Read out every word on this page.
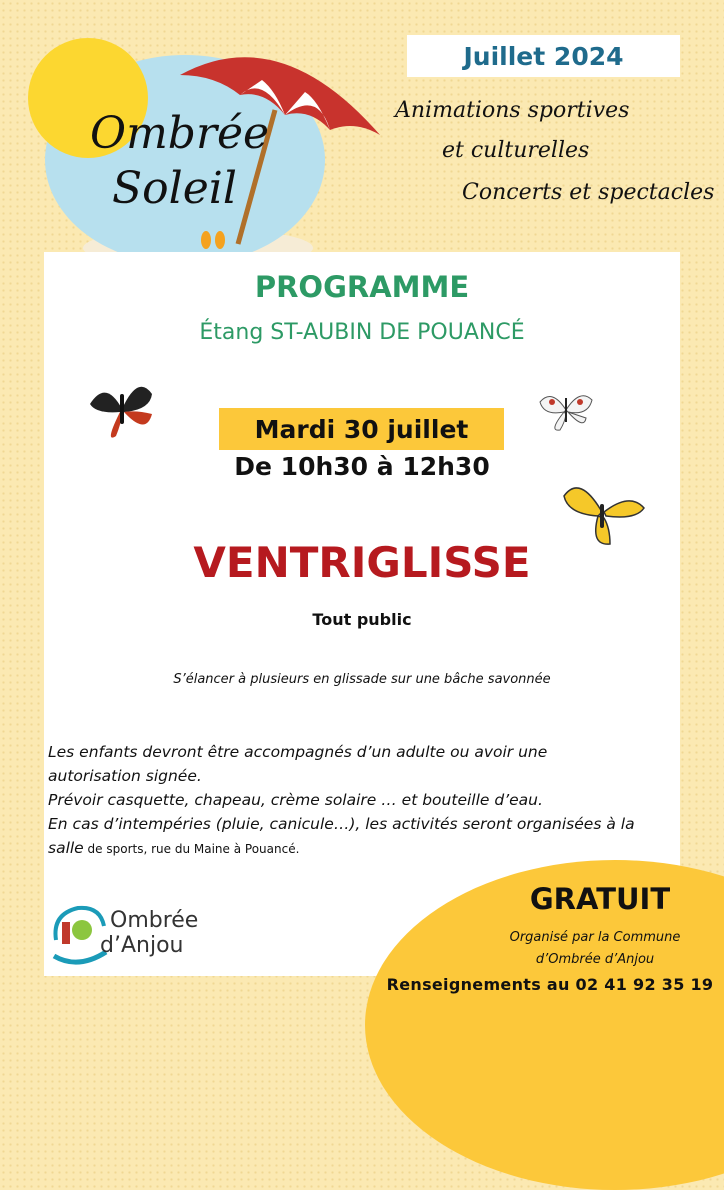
Ombrée
Soleil
Juillet 2024
Animations sportives
et culturelles
Concerts et spectacles
PROGRAMME
Étang ST-AUBIN DE POUANCÉ
Mardi 30 juillet
De 10h30 à 12h30
VENTRIGLISSE
Tout public
S’élancer à plusieurs en glissade sur une bâche savonnée
Les enfants devront être accompagnés d’un adulte ou avoir une
autorisation signée.
Prévoir casquette, chapeau, crème solaire … et bouteille d’eau.
En cas d’intempéries (pluie, canicule…), les activités seront organisées à la
salle de sports, rue du Maine à Pouancé.
Ombrée
d’Anjou
GRATUIT
Organisé par la Commune
d’Ombrée d’Anjou
Renseignements au 02 41 92 35 19
